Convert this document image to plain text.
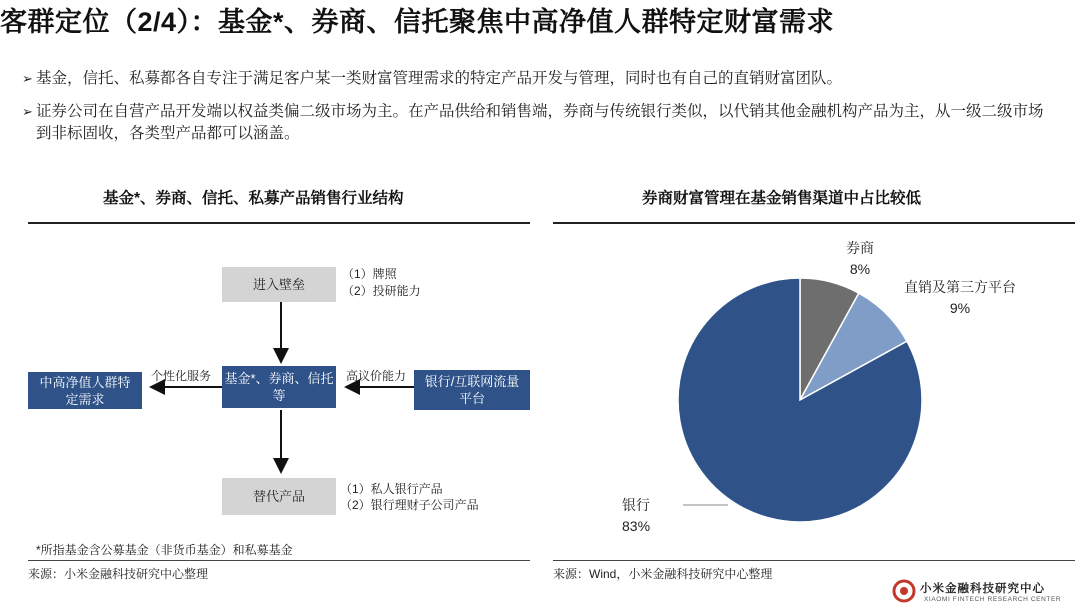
客群定位（2/4）：基金*、券商、信托聚焦中高净值人群特定财富需求
➢ 基金，信托、私募都各自专注于满足客户某一类财富管理需求的特定产品开发与管理，同时也有自己的直销财富团队。
➢ 证券公司在自营产品开发端以权益类偏二级市场为主。在产品供给和销售端，券商与传统银行类似，以代销其他金融机构产品为主，从一级二级市场到非标固收，各类型产品都可以涵盖。
基金*、券商、信托、私募产品销售行业结构
进入壁垒
基金*、券商、信托等
中高净值人群特定需求
银行/互联网流量平台
替代产品
（1）牌照
（2）投研能力
个性化服务	高议价能力
（1）私人银行产品
（2）银行理财子公司产品
*所指基金含公募基金（非货币基金）和私募基金
来源：小米金融科技研究中心整理
券商财富管理在基金销售渠道中占比较低
券商
8%
直销及第三方平台
9%
银行
83%
来源：Wind，小米金融科技研究中心整理
小米金融科技研究中心
XIAOMI FINTECH RESEARCH CENTER
